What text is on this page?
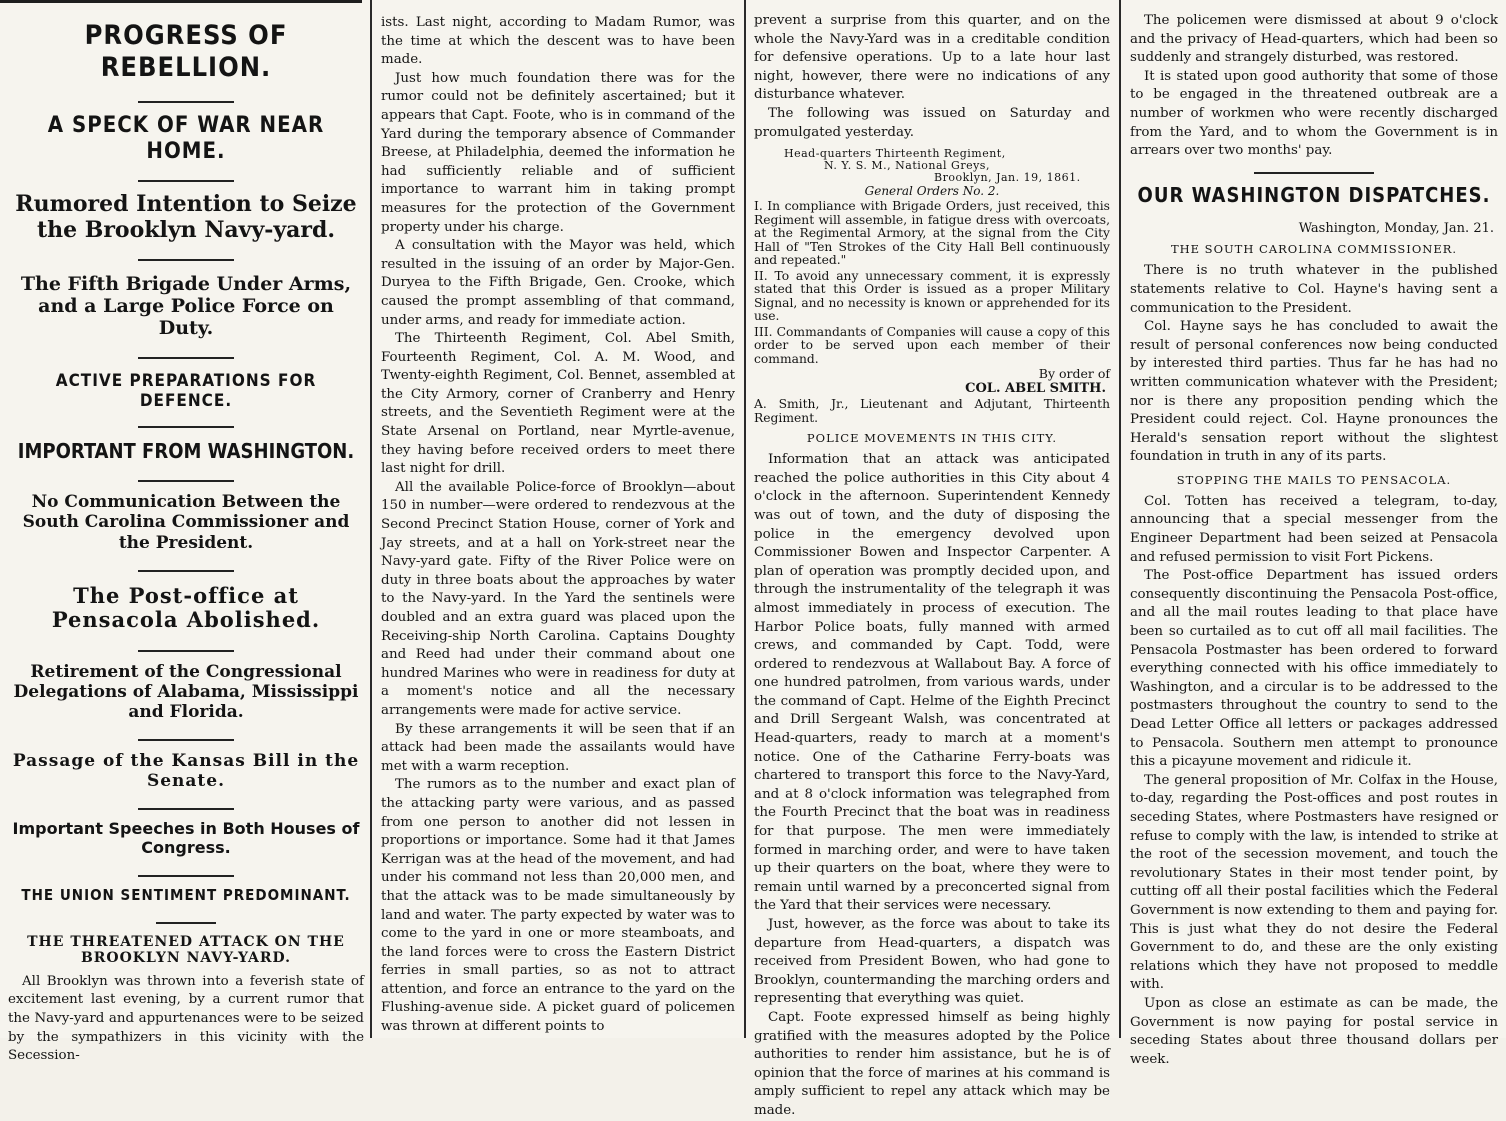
PROGRESS OF REBELLION.
A SPECK OF WAR NEAR HOME.
Rumored Intention to Seize the Brooklyn Navy-yard.
The Fifth Brigade Under Arms, and a Large Police Force on Duty.
ACTIVE PREPARATIONS FOR DEFENCE.
IMPORTANT FROM WASHINGTON.
No Communication Between the South Carolina Commissioner and the President.
The Post-office at Pensacola Abolished.
Retirement of the Congressional Delegations of Alabama, Mississippi and Florida.
Passage of the Kansas Bill in the Senate.
Important Speeches in Both Houses of Congress.
THE UNION SENTIMENT PREDOMINANT.
THE THREATENED ATTACK ON THE BROOKLYN NAVY-YARD.

All Brooklyn was thrown into a feverish state of excitement last evening, by a current rumor that the Navy-yard and appurtenances were to be seized by the sympathizers in this vicinity with the Secession-

ists. Last night, according to Madam Rumor, was the time at which the descent was to have been made.

Just how much foundation there was for the rumor could not be definitely ascertained; but it appears that Capt. Foote, who is in command of the Yard during the temporary absence of Commander Breese, at Philadelphia, deemed the information he had sufficiently reliable and of sufficient importance to warrant him in taking prompt measures for the protection of the Government property under his charge.

A consultation with the Mayor was held, which resulted in the issuing of an order by Major-Gen. Duryea to the Fifth Brigade, Gen. Crooke, which caused the prompt assembling of that command, under arms, and ready for immediate action.

The Thirteenth Regiment, Col. Abel Smith, Fourteenth Regiment, Col. A. M. Wood, and Twenty-eighth Regiment, Col. Bennet, assembled at the City Armory, corner of Cranberry and Henry streets, and the Seventieth Regiment were at the State Arsenal on Portland, near Myrtle-avenue, they having before received orders to meet there last night for drill.

All the available Police-force of Brooklyn—about 150 in number—were ordered to rendezvous at the Second Precinct Station House, corner of York and Jay streets, and at a hall on York-street near the Navy-yard gate. Fifty of the River Police were on duty in three boats about the approaches by water to the Navy-yard. In the Yard the sentinels were doubled and an extra guard was placed upon the Receiving-ship North Carolina. Captains Doughty and Reed had under their command about one hundred Marines who were in readiness for duty at a moment's notice and all the necessary arrangements were made for active service.

By these arrangements it will be seen that if an attack had been made the assailants would have met with a warm reception.

The rumors as to the number and exact plan of the attacking party were various, and as passed from one person to another did not lessen in proportions or importance. Some had it that James Kerrigan was at the head of the movement, and had under his command not less than 20,000 men, and that the attack was to be made simultaneously by land and water. The party expected by water was to come to the yard in one or more steamboats, and the land forces were to cross the Eastern District ferries in small parties, so as not to attract attention, and force an entrance to the yard on the Flushing-avenue side. A picket guard of policemen was thrown at different points to

prevent a surprise from this quarter, and on the whole the Navy-Yard was in a creditable condition for defensive operations. Up to a late hour last night, however, there were no indications of any disturbance whatever.

The following was issued on Saturday and promulgated yesterday.

Head-quarters Thirteenth Regiment,
N. Y. S. M., National Greys,
Brooklyn, Jan. 19, 1861.

General Orders No. 2.

I. In compliance with Brigade Orders, just received, this Regiment will assemble, in fatigue dress with overcoats, at the Regimental Armory, at the signal from the City Hall of "Ten Strokes of the City Hall Bell continuously and repeated."

II. To avoid any unnecessary comment, it is expressly stated that this Order is issued as a proper Military Signal, and no necessity is known or apprehended for its use.

III. Commandants of Companies will cause a copy of this order to be served upon each member of their command.

By order of

COL. ABEL SMITH.

A. Smith, Jr., Lieutenant and Adjutant, Thirteenth Regiment.

POLICE MOVEMENTS IN THIS CITY.

Information that an attack was anticipated reached the police authorities in this City about 4 o'clock in the afternoon. Superintendent Kennedy was out of town, and the duty of disposing the police in the emergency devolved upon Commissioner Bowen and Inspector Carpenter. A plan of operation was promptly decided upon, and through the instrumentality of the telegraph it was almost immediately in process of execution. The Harbor Police boats, fully manned with armed crews, and commanded by Capt. Todd, were ordered to rendezvous at Wallabout Bay. A force of one hundred patrolmen, from various wards, under the command of Capt. Helme of the Eighth Precinct and Drill Sergeant Walsh, was concentrated at Head-quarters, ready to march at a moment's notice. One of the Catharine Ferry-boats was chartered to transport this force to the Navy-Yard, and at 8 o'clock information was telegraphed from the Fourth Precinct that the boat was in readiness for that purpose. The men were immediately formed in marching order, and were to have taken up their quarters on the boat, where they were to remain until warned by a preconcerted signal from the Yard that their services were necessary.

Just, however, as the force was about to take its departure from Head-quarters, a dispatch was received from President Bowen, who had gone to Brooklyn, countermanding the marching orders and representing that everything was quiet.

Capt. Foote expressed himself as being highly gratified with the measures adopted by the Police authorities to render him assistance, but he is of opinion that the force of marines at his command is amply sufficient to repel any attack which may be made.

The policemen were dismissed at about 9 o'clock and the privacy of Head-quarters, which had been so suddenly and strangely disturbed, was restored.

It is stated upon good authority that some of those to be engaged in the threatened outbreak are a number of workmen who were recently discharged from the Yard, and to whom the Government is in arrears over two months' pay.

OUR WASHINGTON DISPATCHES.

Washington, Monday, Jan. 21.

THE SOUTH CAROLINA COMMISSIONER.

There is no truth whatever in the published statements relative to Col. Hayne's having sent a communication to the President.

Col. Hayne says he has concluded to await the result of personal conferences now being conducted by interested third parties. Thus far he has had no written communication whatever with the President; nor is there any proposition pending which the President could reject. Col. Hayne pronounces the Herald's sensation report without the slightest foundation in truth in any of its parts.

STOPPING THE MAILS TO PENSACOLA.

Col. Totten has received a telegram, to-day, announcing that a special messenger from the Engineer Department had been seized at Pensacola and refused permission to visit Fort Pickens.

The Post-office Department has issued orders consequently discontinuing the Pensacola Post-office, and all the mail routes leading to that place have been so curtailed as to cut off all mail facilities. The Pensacola Postmaster has been ordered to forward everything connected with his office immediately to Washington, and a circular is to be addressed to the postmasters throughout the country to send to the Dead Letter Office all letters or packages addressed to Pensacola. Southern men attempt to pronounce this a picayune movement and ridicule it.

The general proposition of Mr. Colfax in the House, to-day, regarding the Post-offices and post routes in seceding States, where Postmasters have resigned or refuse to comply with the law, is intended to strike at the root of the secession movement, and touch the revolutionary States in their most tender point, by cutting off all their postal facilities which the Federal Government is now extending to them and paying for. This is just what they do not desire the Federal Government to do, and these are the only existing relations which they have not proposed to meddle with.

Upon as close an estimate as can be made, the Government is now paying for postal service in seceding States about three thousand dollars per week.
